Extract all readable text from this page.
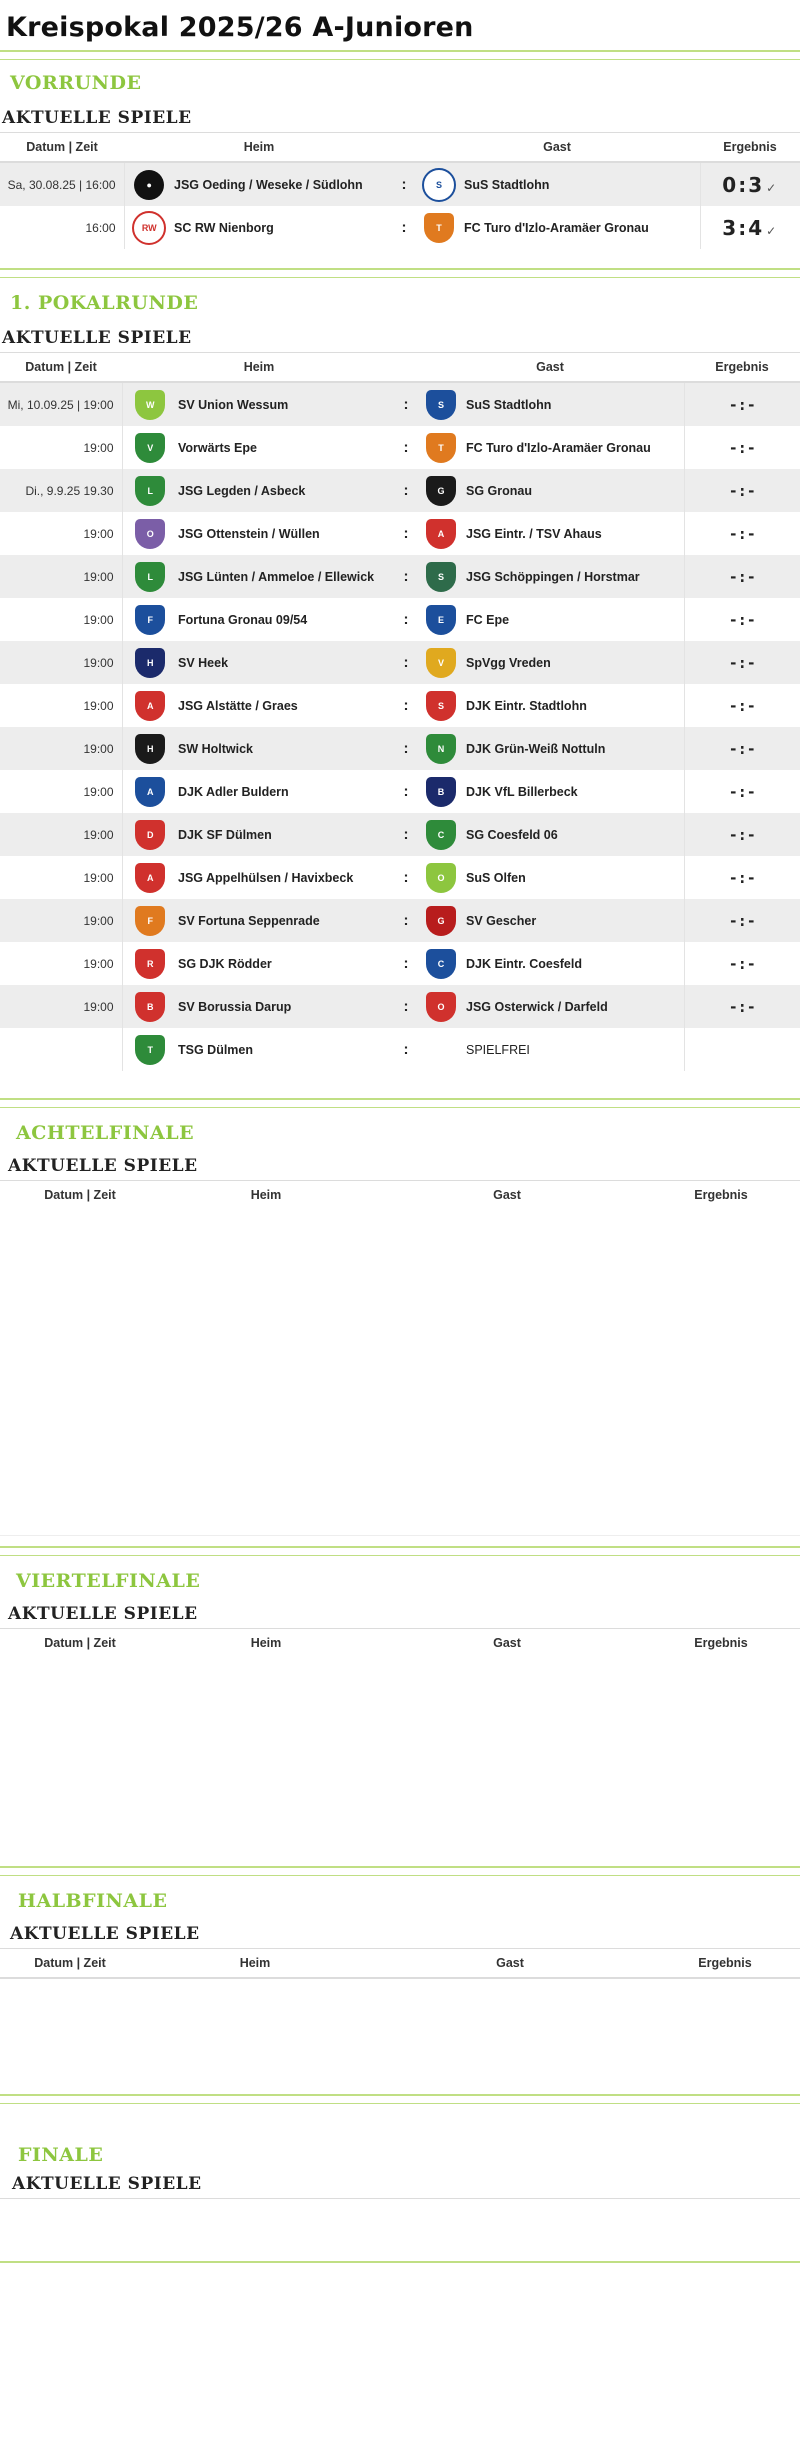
Kreispokal 2025/26 A-Junioren
VORRUNDE
AKTUELLE SPIELE
Datum | Zeit	Heim			Gast		Ergebnis
Sa, 30.08.25 | 16:00	●	JSG Oeding / Weseke / Südlohn	:	S	SuS Stadtlohn	0:3 ✓
16:00	RW	SC RW Nienborg	:	T	FC Turo d'Izlo-Aramäer Gronau	3:4 ✓
1. POKALRUNDE
AKTUELLE SPIELE
Datum | Zeit	Heim			Gast		Ergebnis
Mi, 10.09.25 | 19:00	W	SV Union Wessum	:	S	SuS Stadtlohn	-:-
19:00	V	Vorwärts Epe	:	T	FC Turo d'Izlo-Aramäer Gronau	-:-
Di., 9.9.25 19.30	L	JSG Legden / Asbeck	:	G	SG Gronau	-:-
19:00	O	JSG Ottenstein / Wüllen	:	A	JSG Eintr. / TSV Ahaus	-:-
19:00	L	JSG Lünten / Ammeloe / Ellewick	:	S	JSG Schöppingen / Horstmar	-:-
19:00	F	Fortuna Gronau 09/54	:	E	FC Epe	-:-
19:00	H	SV Heek	:	V	SpVgg Vreden	-:-
19:00	A	JSG Alstätte / Graes	:	S	DJK Eintr. Stadtlohn	-:-
19:00	H	SW Holtwick	:	N	DJK Grün-Weiß Nottuln	-:-
19:00	A	DJK Adler Buldern	:	B	DJK VfL Billerbeck	-:-
19:00	D	DJK SF Dülmen	:	C	SG Coesfeld 06	-:-
19:00	A	JSG Appelhülsen / Havixbeck	:	O	SuS Olfen	-:-
19:00	F	SV Fortuna Seppenrade	:	G	SV Gescher	-:-
19:00	R	SG DJK Rödder	:	C	DJK Eintr. Coesfeld	-:-
19:00	B	SV Borussia Darup	:	O	JSG Osterwick / Darfeld	-:-
	T	TSG Dülmen	:		SPIELFREI	
ACHTELFINALE
AKTUELLE SPIELE
Datum | Zeit	Heim	Gast	Ergebnis
VIERTELFINALE
AKTUELLE SPIELE
Datum | Zeit	Heim	Gast	Ergebnis
HALBFINALE
AKTUELLE SPIELE
Datum | Zeit	Heim	Gast	Ergebnis
FINALE
AKTUELLE SPIELE
